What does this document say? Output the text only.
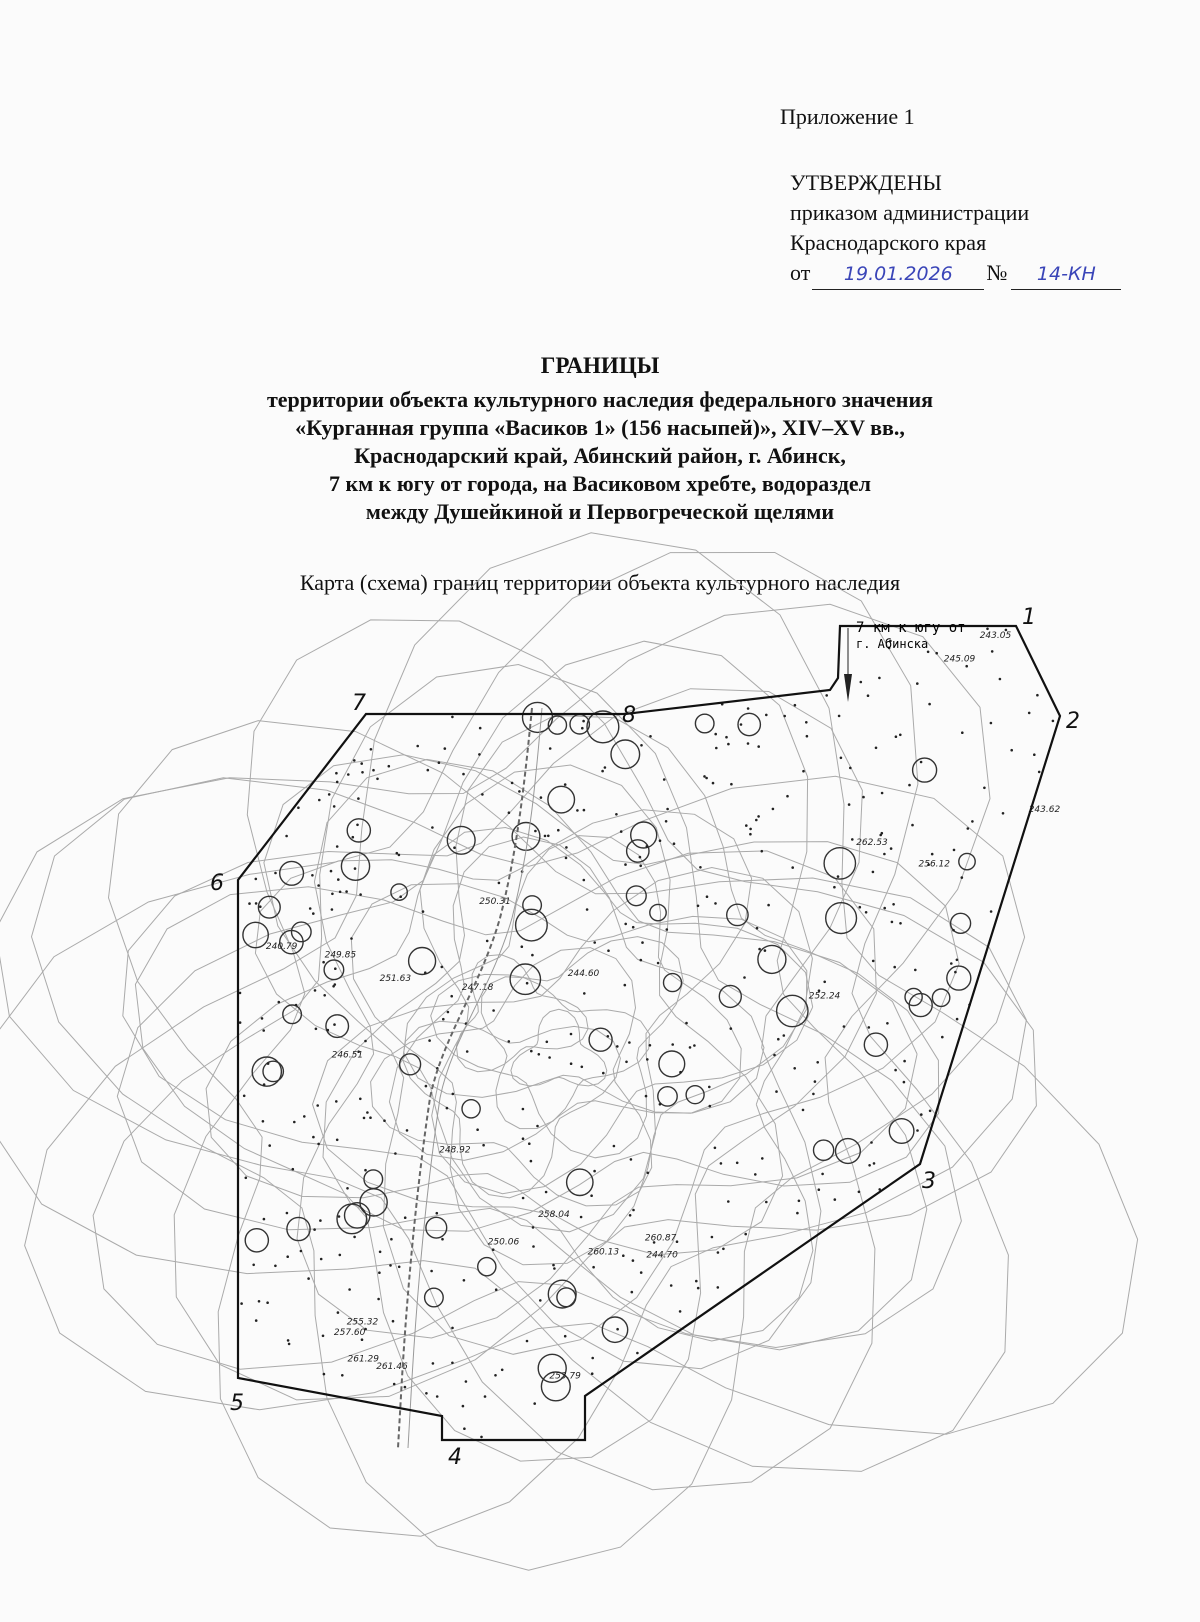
Приложение 1
УТВЕРЖДЕНЫ
приказом администрации
Краснодарского края
от 19.01.2026 № 14-КН
ГРАНИЦЫ
территории объекта культурного наследия федерального значения
«Курганная группа «Васиков 1» (156 насыпей)», XIV–XV вв.,
Краснодарский край, Абинский район, г. Абинск,
7 км к югу от города, на Васиковом хребте, водораздел
между Душейкиной и Первогреческой щелями
Карта (схема) границ территории объекта культурного наследия
240.79
243.62
244.60
245.09
247.18
250.06
252.24
255.32
256.12
257.60
258.04
260.13
261.46
262.53
249.85
251.63
248.92
253.79
246.51
243.05
244.70
261.29
260.87
250.31
7 км к югу от
г. Абинска
1
2
3
4
5
6
7	8
